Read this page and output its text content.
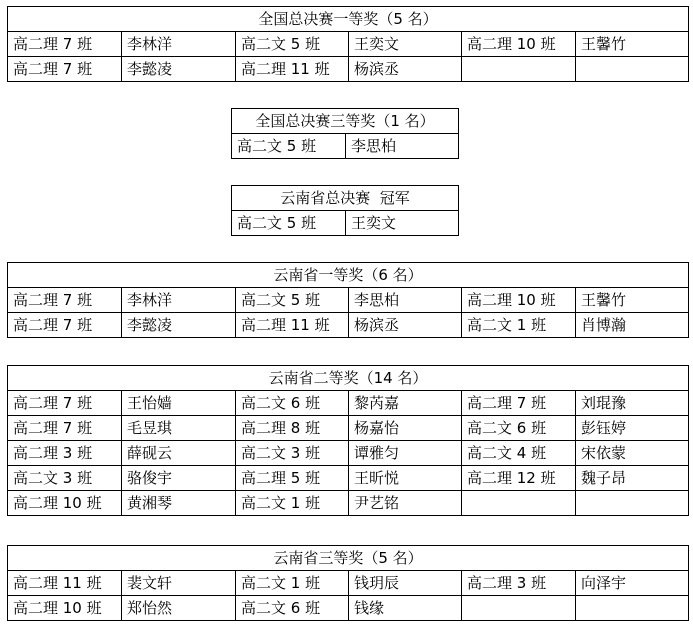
全国总决赛一等奖（5 名）					
高二理 7 班	李林洋	高二文 5 班	王奕文	高二理 10 班	王馨竹
高二理 7 班	李懿凌	高二理 11 班	杨滨丞		
全国总决赛三等奖（1 名）
高二文 5 班	李思柏
云南省总决赛  冠军
高二文 5 班	王奕文
云南省一等奖（6 名）					
高二理 7 班	李林洋	高二文 5 班	李思柏	高二理 10 班	王馨竹
高二理 7 班	李懿凌	高二理 11 班	杨滨丞	高二文 1 班	肖博瀚
云南省二等奖（14 名）					
高二理 7 班	王怡嫱	高二文 6 班	黎芮嘉	高二理 7 班	刘琨豫
高二理 7 班	毛昱琪	高二理 8 班	杨嘉怡	高二文 6 班	彭钰婷
高二理 3 班	薛砚云	高二文 3 班	谭雅匀	高二文 4 班	宋依蒙
高二文 3 班	骆俊宇	高二理 5 班	王昕悦	高二理 12 班	魏子昂
高二理 10 班	黄湘琴	高二文 1 班	尹艺铭		
云南省三等奖（5 名）					
高二理 11 班	裴文轩	高二文 1 班	钱玥辰	高二理 3 班	向泽宇
高二理 10 班	郑怡然	高二文 6 班	钱缘		
